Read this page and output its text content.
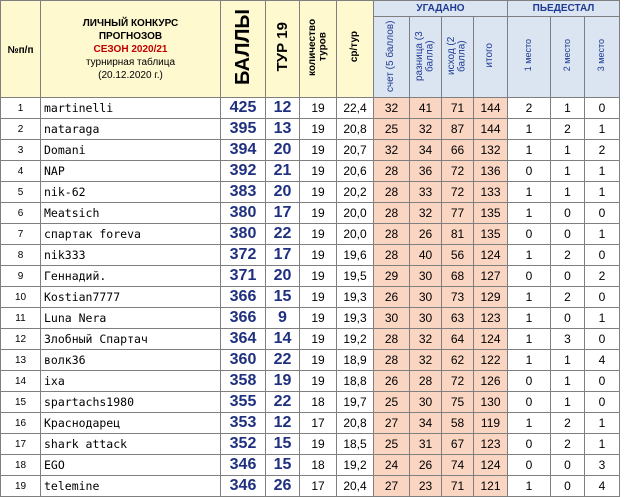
№п/п	ЛИЧНЫЙ КОНКУРС
ПРОГНОЗОВ
СЕЗОН 2020/21
турнирная таблица
(20.12.2020 г.)	БАЛЛЫ	ТУР 19	количество туров	ср/тур	УГАДАНО				ПЬЕДЕСТАЛ		
						счет (5 баллов)	разница (3 балла)	исход (2 балла)	итого	1 место	2 место	3 место
1	martinelli	425	12	19	22,4	32	41	71	144	2	1	0
2	nataraga	395	13	19	20,8	25	32	87	144	1	2	1
3	Domani	394	20	19	20,7	32	34	66	132	1	1	2
4	NAP	392	21	19	20,6	28	36	72	136	0	1	1
5	nik-62	383	20	19	20,2	28	33	72	133	1	1	1
6	Meatsich	380	17	19	20,0	28	32	77	135	1	0	0
7	спартак forevа	380	22	19	20,0	28	26	81	135	0	0	1
8	nik333	372	17	19	19,6	28	40	56	124	1	2	0
9	Геннадий.	371	20	19	19,5	29	30	68	127	0	0	2
10	Kostian7777	366	15	19	19,3	26	30	73	129	1	2	0
11	Luna Nera	366	9	19	19,3	30	30	63	123	1	0	1
12	Злобный Спартач	364	14	19	19,2	28	32	64	124	1	3	0
13	волк36	360	22	19	18,9	28	32	62	122	1	1	4
14	ixa	358	19	19	18,8	26	28	72	126	0	1	0
15	spartachs1980	355	22	18	19,7	25	30	75	130	0	1	0
16	Краснодарец	353	12	17	20,8	27	34	58	119	1	2	1
17	shark attack	352	15	19	18,5	25	31	67	123	0	2	1
18	EGO	346	15	18	19,2	24	26	74	124	0	0	3
19	telemine	346	26	17	20,4	27	23	71	121	1	0	4
